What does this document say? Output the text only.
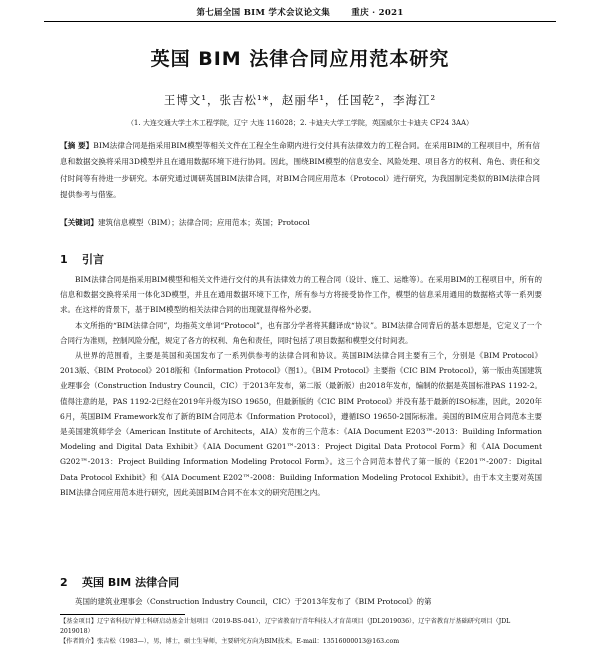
第七届全国 BIM 学术会议论文集	重庆 · 2021
英国 BIM 法律合同应用范本研究
王博文¹，张吉松¹*，赵丽华¹，任国乾²，李海江²
（1. 大连交通大学土木工程学院，辽宁 大连 116028；2. 卡迪夫大学工学院，英国威尔士卡迪夫 CF24 3AA）
【摘 要】BIM法律合同是指采用BIM模型等相关文件在工程全生命期内进行交付具有法律效力的工程合同。在采用BIM的工程项目中，所有信息和数据交换将采用3D模型并且在通用数据环境下进行协同。因此，围绕BIM模型的信息安全、风险处理、项目各方的权利、角色、责任和交付时间等有待进一步研究。本研究通过调研英国BIM法律合同，对BIM合同应用范本（Protocol）进行研究，为我国制定类似的BIM法律合同提供参考与借鉴。
【关键词】建筑信息模型（BIM）；法律合同；应用范本；英国；Protocol
1 引言

BIM法律合同是指采用BIM模型和相关文件进行交付的具有法律效力的工程合同（设计、施工、运维等）。在采用BIM的工程项目中，所有的信息和数据交换将采用一体化3D模型，并且在通用数据环境下工作，所有参与方将接受协作工作，模型的信息采用通用的数据格式等一系列要求。在这样的背景下，基于BIM模型的相关法律合同的出现就显得格外必要。

本文所指的“BIM法律合同”，均指英文单词“Protocol”，也有部分学者将其翻译成“协议”。BIM法律合同背后的基本思想是，它定义了一个合同行为准则，控制风险分配，规定了各方的权利、角色和责任，同时包括了项目数据和模型交付时间表。

从世界的范围看，主要是英国和美国发布了一系列供参考的法律合同和协议。英国BIM法律合同主要有三个，分别是《BIM Protocol》2013版、《BIM Protocol》2018版和《Information Protocol》（图1）。《BIM Protocol》主要指《CIC BIM Protocol》，第一版由英国建筑业理事会（Construction Industry Council，CIC）于2013年发布，第二版（最新版）由2018年发布，编制的依据是英国标准PAS 1192-2。值得注意的是，PAS 1192-2已经在2019年升级为ISO 19650，但最新版的《CIC BIM Protocol》并没有基于最新的ISO标准，因此，2020年6月，英国BIM Framework发布了新的BIM合同范本《Information Protocol》，遵循ISO 19650-2国际标准。美国的BIM应用合同范本主要是美国建筑师学会（American Institute of Architects，AIA）发布的三个范本：《AIA Document E203™-2013：Building Information Modeling and Digital Data Exhibit》《AIA Document G201™-2013：Project Digital Data Protocol Form》和《AIA Document G202™-2013：Project Building Information Modeling Protocol Form》。这三个合同范本替代了第一版的《E201™-2007：Digital Data Protocol Exhibit》和《AIA Document E202™-2008：Building Information Modeling Protocol Exhibit》。由于本文主要对英国BIM法律合同应用范本进行研究，因此美国BIM合同不在本文的研究范围之内。

2 英国 BIM 法律合同

英国的建筑业理事会（Construction Industry Council，CIC）于2013年发布了《BIM Protocol》的第

【基金项目】辽宁省科技厅博士科研启动基金计划项目（2019-BS-041），辽宁省教育厅青年科技人才育苗项目（JDL2019036），辽宁省教育厅基础研究项目（JDL 2019018）
【作者简介】张吉松（1983—），男，博士，硕士生导师，主要研究方向为BIM技术。E-mail：13516000013@163.com
